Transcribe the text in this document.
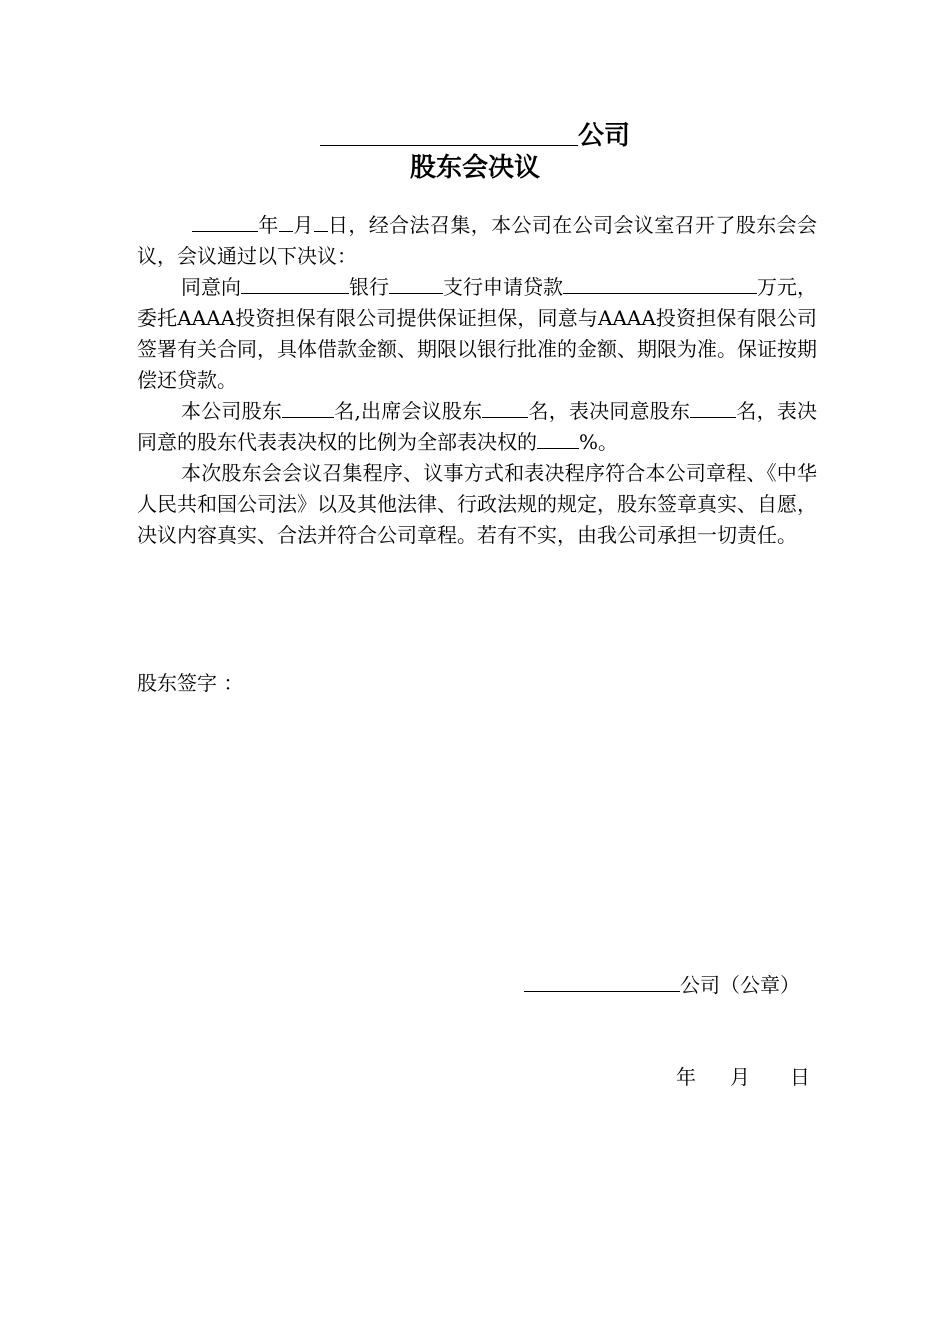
公司
股东会决议

年 月 日，经合法召集，本公司在公司会议室召开了股东会会议，会议通过以下决议：

同意向	银行	支行申请贷款	万元，委托AAAA投资担保有限公司提供保证担保，同意与AAAA投资担保有限公司签署有关合同，具体借款金额、期限以银行批准的金额、期限为准。保证按期偿还贷款。

本公司股东	名,出席会议股东 名，表决同意股东 名，表决同意的股东代表表决权的比例为全部表决权的 %。

本次股东会会议召集程序、议事方式和表决程序符合本公司章程、《中华人民共和国公司法》以及其他法律、行政法规的规定，股东签章真实、自愿，决议内容真实、合法并符合公司章程。若有不实，由我公司承担一切责任。

股东签字 ：
公司（公章）
年 月 日
